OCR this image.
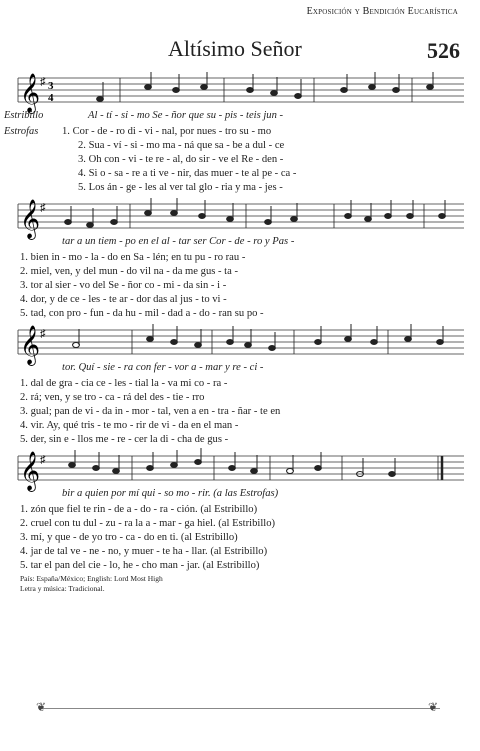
Exposición y Bendición Eucarística
Altísimo Señor	526
𝄞 ♯ 3
4
Estribillo	Al - tí - si - mo Se - ñor que su - pis - teis jun -
Estrofas 1. Cor - de - ro di - vi - nal, por nues - tro su - mo
2. Sua - ví - si - mo ma - ná que sa - be a dul - ce
3. Oh con - vi - te re - al, do sir - ve el Re - den -
4. Si o - sa - re a ti ve - nir, das muer - te al pe - ca -
5. Los án - ge - les al ver tal glo - ria y ma - jes -
𝄞 ♯
tar a un tiem - po en el al - tar ser Cor - de - ro y Pas -
1. bien in - mo - la - do en Sa - lén; en tu pu - ro rau -
2. miel, ven, y del mun - do vil na - da me gus - ta -
3. tor al sier - vo del Se - ñor co - mi - da sin - i -
4. dor, y de ce - les - te ar - dor das al jus - to vi -
5. tad, con pro - fun - da hu - mil - dad a - do - ran su po -
𝄞 ♯
tor. Quí - sie - ra con fer - vor a - mar y re - ci -
1. dal de gra - cia ce - les - tial la - va mi co - ra -
2. rá; ven, y se tro - ca - rá del des - tie - rro
3. gual; pan de vi - da in - mor - tal, ven a en - tra - ñar - te en
4. vir. Ay, qué tris - te mo - rir de vi - da en el man -
5. der, sin e - llos me - re - cer la di - cha de gus -
𝄞 ♯
bir a quien por mí qui - so mo - rir. (a las Estrofas)
1. zón que fiel te rin - de a - do - ra - ción. (al Estribillo)
2. cruel con tu dul - zu - ra la a - mar - ga hiel. (al Estribillo)
3. mí, y que - de yo tro - ca - do en ti. (al Estribillo)
4. jar de tal ve - ne - no, y muer - te ha - llar. (al Estribillo)
5. tar el pan del cie - lo, he - cho man - jar. (al Estribillo)
País: España/México; English: Lord Most High
Letra y música: Tradicional.
❦	❦
